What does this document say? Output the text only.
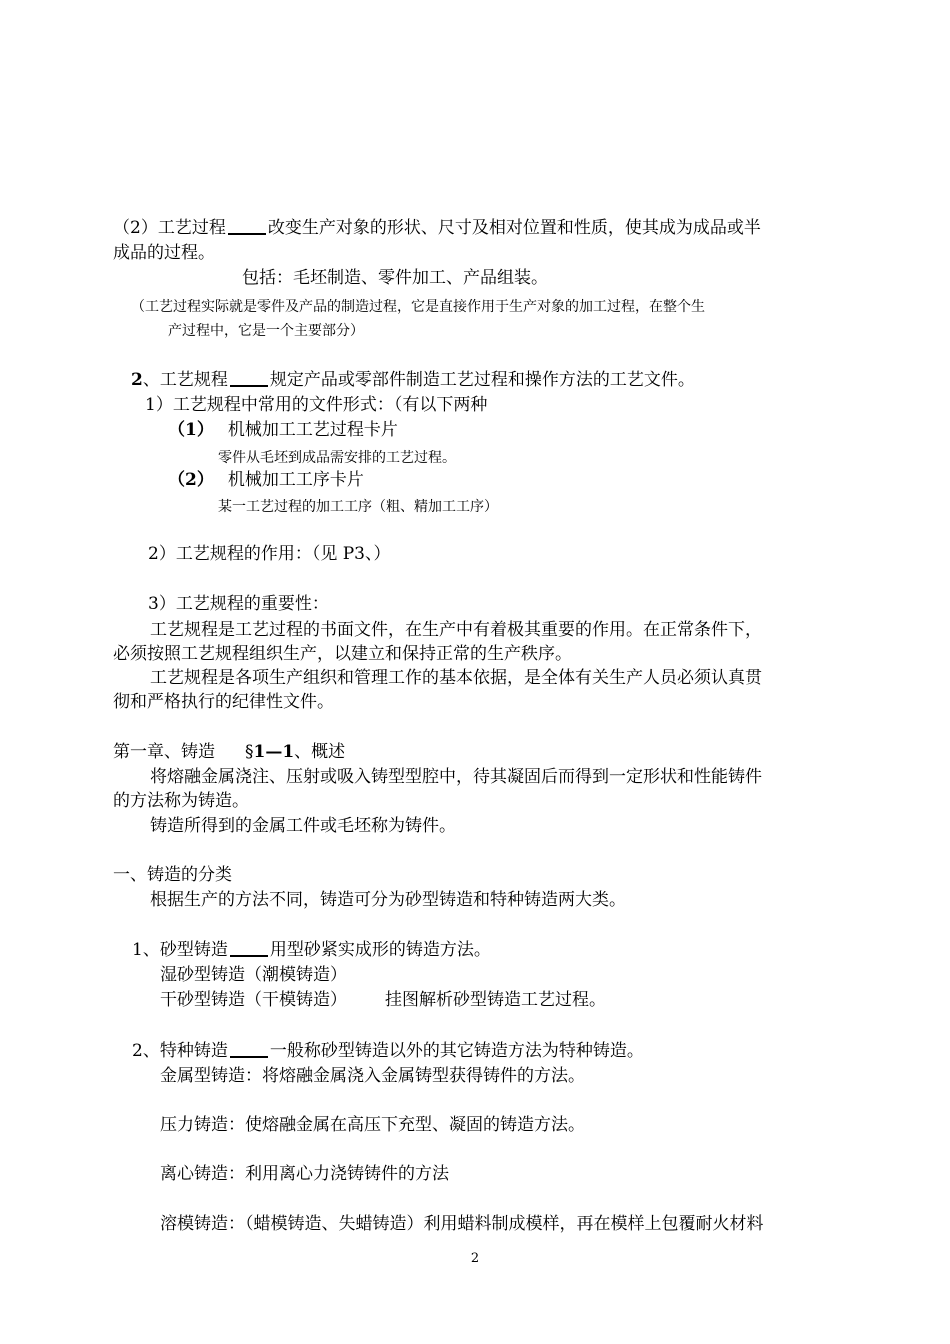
（2）工艺过程 改变生产对象的形状、尺寸及相对位置和性质，使其成为成品或半
成品的过程。
包括：毛坯制造、零件加工、产品组装。
（工艺过程实际就是零件及产品的制造过程，它是直接作用于生产对象的加工过程，在整个生
产过程中，它是一个主要部分）
2、工艺规程 规定产品或零部件制造工艺过程和操作方法的工艺文件。
1）工艺规程中常用的文件形式：（有以下两种
（1） 机械加工工艺过程卡片
零件从毛坯到成品需安排的工艺过程。
（2） 机械加工工序卡片
某一工艺过程的加工工序（粗、精加工工序）
2）工艺规程的作用：（见 P3、）
3）工艺规程的重要性：
工艺规程是工艺过程的书面文件，在生产中有着极其重要的作用。在正常条件下，
必须按照工艺规程组织生产，以建立和保持正常的生产秩序。
工艺规程是各项生产组织和管理工作的基本依据，是全体有关生产人员必须认真贯
彻和严格执行的纪律性文件。
第一章、铸造 §1—1、概述
将熔融金属浇注、压射或吸入铸型型腔中，待其凝固后而得到一定形状和性能铸件
的方法称为铸造。
铸造所得到的金属工件或毛坯称为铸件。
一、铸造的分类
根据生产的方法不同，铸造可分为砂型铸造和特种铸造两大类。
1、砂型铸造 用型砂紧实成形的铸造方法。
湿砂型铸造（潮模铸造）
干砂型铸造（干模铸造） 挂图解析砂型铸造工艺过程。
2、特种铸造 一般称砂型铸造以外的其它铸造方法为特种铸造。
金属型铸造：将熔融金属浇入金属铸型获得铸件的方法。
压力铸造：使熔融金属在高压下充型、凝固的铸造方法。
离心铸造：利用离心力浇铸铸件的方法
溶模铸造：（蜡模铸造、失蜡铸造）利用蜡料制成模样，再在模样上包覆耐火材料
2
